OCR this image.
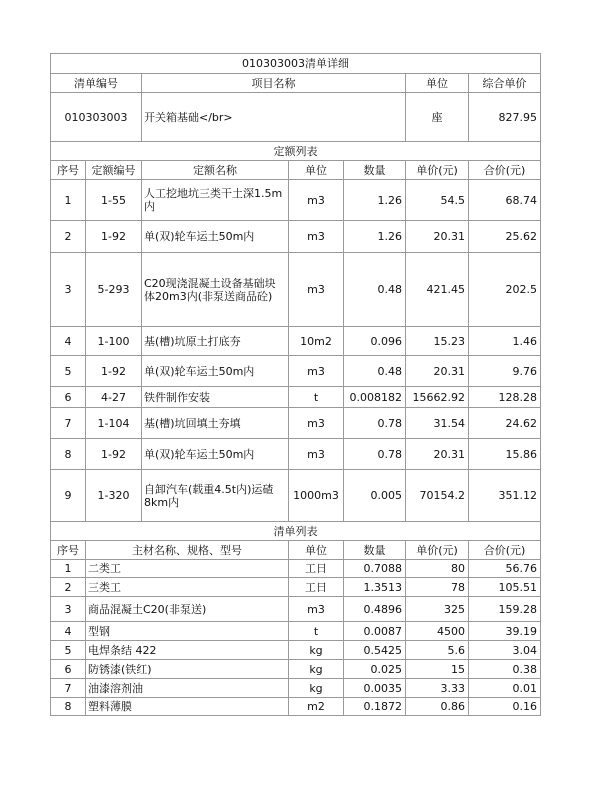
010303003清单详细						
清单编号		项目名称			单位	综合单价
010303003		开关箱基础</br>			座	827.95
定额列表						
序号	定额编号	定额名称	单位	数量	单价(元)	合价(元)
1	1-55	人工挖地坑三类干土深1.5m内	m3	1.26	54.5	68.74
2	1-92	单(双)轮车运土50m内	m3	1.26	20.31	25.62
3	5-293	C20现浇混凝土设备基础块体20m3内(非泵送商品砼)	m3	0.48	421.45	202.5
4	1-100	基(槽)坑原土打底夯	10m2	0.096	15.23	1.46
5	1-92	单(双)轮车运土50m内	m3	0.48	20.31	9.76
6	4-27	铁件制作安装	t	0.008182	15662.92	128.28
7	1-104	基(槽)坑回填土夯填	m3	0.78	31.54	24.62
8	1-92	单(双)轮车运土50m内	m3	0.78	20.31	15.86
9	1-320	自卸汽车(载重4.5t内)运碴8km内	1000m3	0.005	70154.2	351.12
清单列表						
序号	主材名称、规格、型号		单位	数量	单价(元)	合价(元)
1	二类工		工日	0.7088	80	56.76
2	三类工		工日	1.3513	78	105.51
3	商品混凝土C20(非泵送)		m3	0.4896	325	159.28
4	型钢		t	0.0087	4500	39.19
5	电焊条结 422		kg	0.5425	5.6	3.04
6	防锈漆(铁红)		kg	0.025	15	0.38
7	油漆溶剂油		kg	0.0035	3.33	0.01
8	塑料薄膜		m2	0.1872	0.86	0.16
